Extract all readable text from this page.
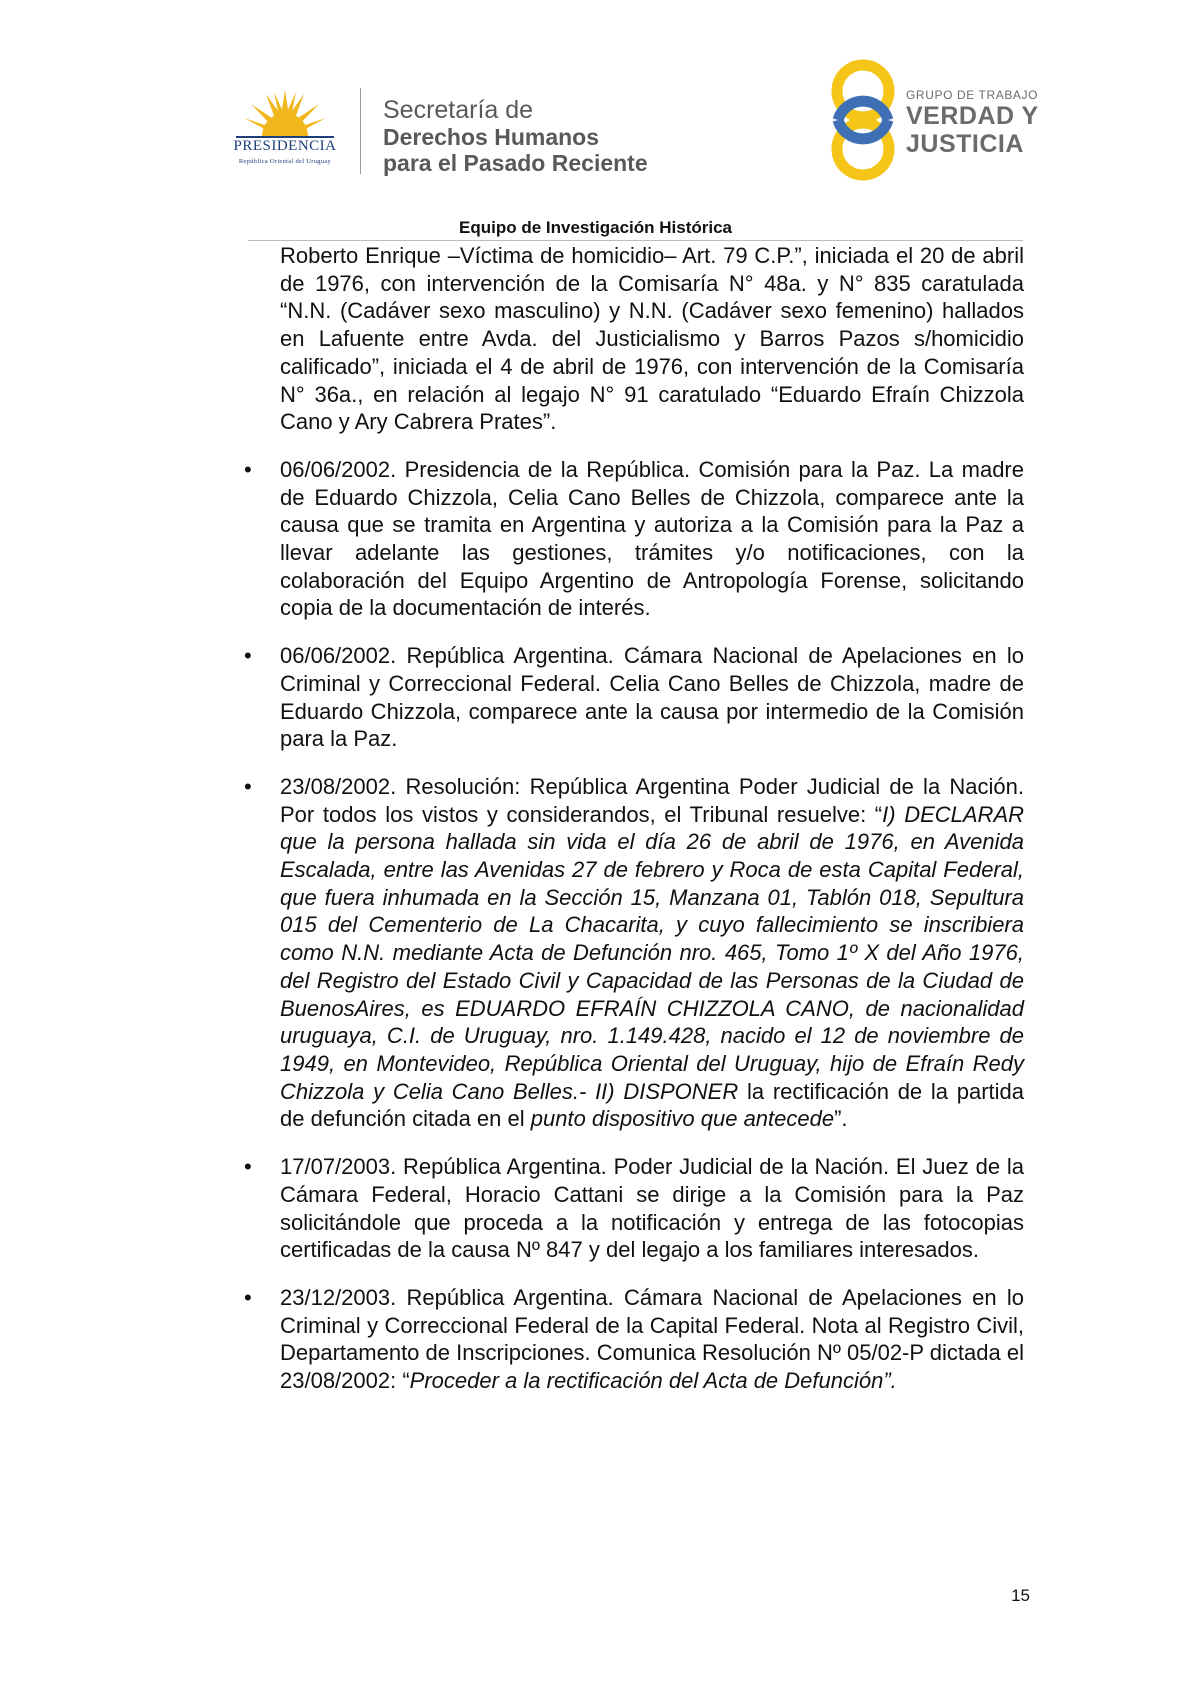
PRESIDENCIA
República Oriental del Uruguay
Secretaría de
Derechos Humanos
para el Pasado Reciente
GRUPO DE TRABAJO
VERDAD Y
JUSTICIA
Equipo de Investigación Histórica

Roberto Enrique –Víctima de homicidio– Art. 79 C.P.”, iniciada el 20 de abril de 1976, con intervención de la Comisaría N° 48a. y N° 835 caratulada “N.N. (Cadáver sexo masculino) y N.N. (Cadáver sexo femenino) hallados en Lafuente entre Avda. del Justicialismo y Barros Pazos s/homicidio calificado”, iniciada el 4 de abril de 1976, con intervención de la Comisaría N° 36a., en relación al legajo N° 91 caratulado “Eduardo Efraín Chizzola Cano y Ary Cabrera Prates”.

•	06/06/2002. Presidencia de la República. Comisión para la Paz. La madre de Eduardo Chizzola, Celia Cano Belles de Chizzola, comparece ante la causa que se tramita en Argentina y autoriza a la Comisión para la Paz a llevar adelante las gestiones, trámites y/o notificaciones, con la colaboración del Equipo Argentino de Antropología Forense, solicitando copia de la documentación de interés.
•	06/06/2002. República Argentina. Cámara Nacional de Apelaciones en lo Criminal y Correccional Federal. Celia Cano Belles de Chizzola, madre de Eduardo Chizzola, comparece ante la causa por intermedio de la Comisión para la Paz.
•	23/08/2002. Resolución: República Argentina Poder Judicial de la Nación. Por todos los vistos y considerandos, el Tribunal resuelve: “I) DECLARAR que la persona hallada sin vida el día 26 de abril de 1976, en Avenida Escalada, entre las Avenidas 27 de febrero y Roca de esta Capital Federal, que fuera inhumada en la Sección 15, Manzana 01, Tablón 018, Sepultura 015 del Cementerio de La Chacarita, y cuyo fallecimiento se inscribiera como N.N. mediante Acta de Defunción nro. 465, Tomo 1º X del Año 1976, del Registro del Estado Civil y Capacidad de las Personas de la Ciudad de BuenosAires, es EDUARDO EFRAÍN CHIZZOLA CANO, de nacionalidad uruguaya, C.I. de Uruguay, nro. 1.149.428, nacido el 12 de noviembre de 1949, en Montevideo, República Oriental del Uruguay, hijo de Efraín Redy Chizzola y Celia Cano Belles.- II) DISPONER la rectificación de la partida de defunción citada en el punto dispositivo que antecede”.
•	17/07/2003. República Argentina. Poder Judicial de la Nación. El Juez de la Cámara Federal, Horacio Cattani se dirige a la Comisión para la Paz solicitándole que proceda a la notificación y entrega de las fotocopias certificadas de la causa Nº 847 y del legajo a los familiares interesados.
•	23/12/2003. República Argentina. Cámara Nacional de Apelaciones en lo Criminal y Correccional Federal de la Capital Federal. Nota al Registro Civil, Departamento de Inscripciones. Comunica Resolución Nº 05/02-P dictada el 23/08/2002: “Proceder a la rectificación del Acta de Defunción”.
15
